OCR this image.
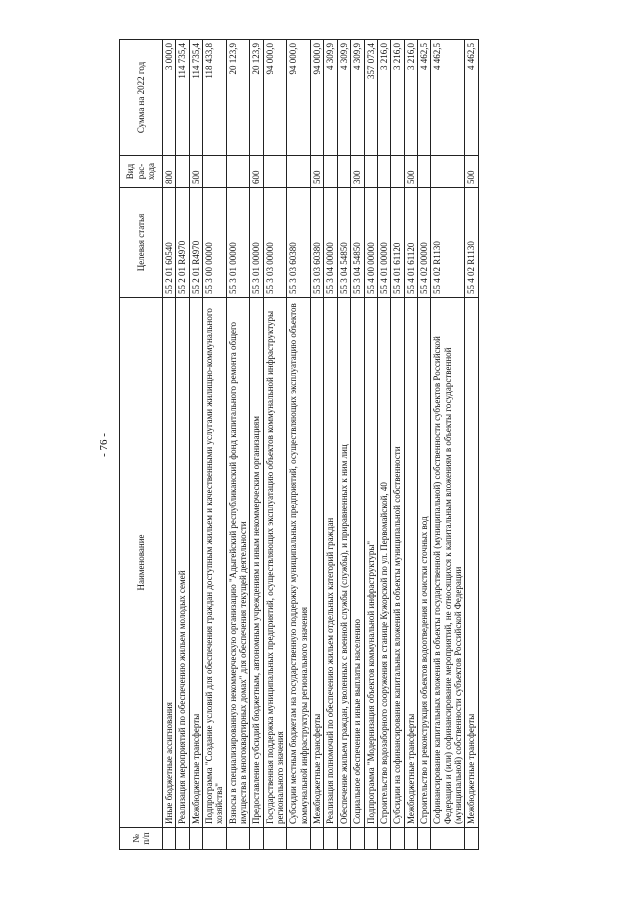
- 76 -
№ п/п	Наименование	Целевая статья	Вид рас-хода	Сумма на 2022 год
	Иные бюджетные ассигнования	55 2 01 60540	800	3 000,0
	Реализация мероприятий по обеспечению жильем молодых семей	55 2 01 R4970		114 735,4
	Межбюджетные трансферты	55 2 01 R4970	500	114 735,4
	Подпрограмма "Создание условий для обеспечения граждан доступным жильем и качественными услугами жилищно-коммунального хозяйства"	55 3 00 00000		118 433,8
	Взносы в специализированную некоммерческую организацию "Адыгейский республиканский фонд капитального ремонта общего имущества в многоквартирных домах" для обеспечения текущей деятельности	55 3 01 00000		20 123,9
	Предоставление субсидий бюджетным, автономным учреждениям и иным некоммерческим организациям	55 3 01 00000	600	20 123,9
	Государственная поддержка муниципальных предприятий, осуществляющих эксплуатацию объектов коммунальной инфраструктуры регионального значения	55 3 03 00000		94 000,0
	Субсидии местным бюджетам на государственную поддержку муниципальных предприятий, осуществляющих эксплуатацию объектов коммунальной инфраструктуры регионального значения	55 3 03 60380		94 000,0
	Межбюджетные трансферты	55 3 03 60380	500	94 000,0
	Реализация полномочий по обеспечению жильем отдельных категорий граждан	55 3 04 00000		4 309,9
	Обеспечение жильем граждан, уволенных с военной службы (службы), и приравненных к ним лиц	55 3 04 54850		4 309,9
	Социальное обеспечение и иные выплаты населению	55 3 04 54850	300	4 309,9
	Подпрограмма "Модернизация объектов коммунальной инфраструктуры"	55 4 00 00000		357 073,4
	Строительство водозаборного сооружения в станице Кужорской по ул. Первомайской, 40	55 4 01 00000		3 216,0
	Субсидии на софинансирование капитальных вложений в объекты муниципальной собственности	55 4 01 61120		3 216,0
	Межбюджетные трансферты	55 4 01 61120	500	3 216,0
	Строительство и реконструкция объектов водоотведения и очистки сточных вод	55 4 02 00000		4 462,5
	Софинансирование капитальных вложений в объекты государственной (муниципальной) собственности субъектов Российской Федерации и (или) софинансирование мероприятий, не относящихся к капитальным вложениям в объекты государственной (муниципальной) собственности субъектов Российской Федерации	55 4 02 R1130		4 462,5
	Межбюджетные трансферты	55 4 02 R1130	500	4 462,5
